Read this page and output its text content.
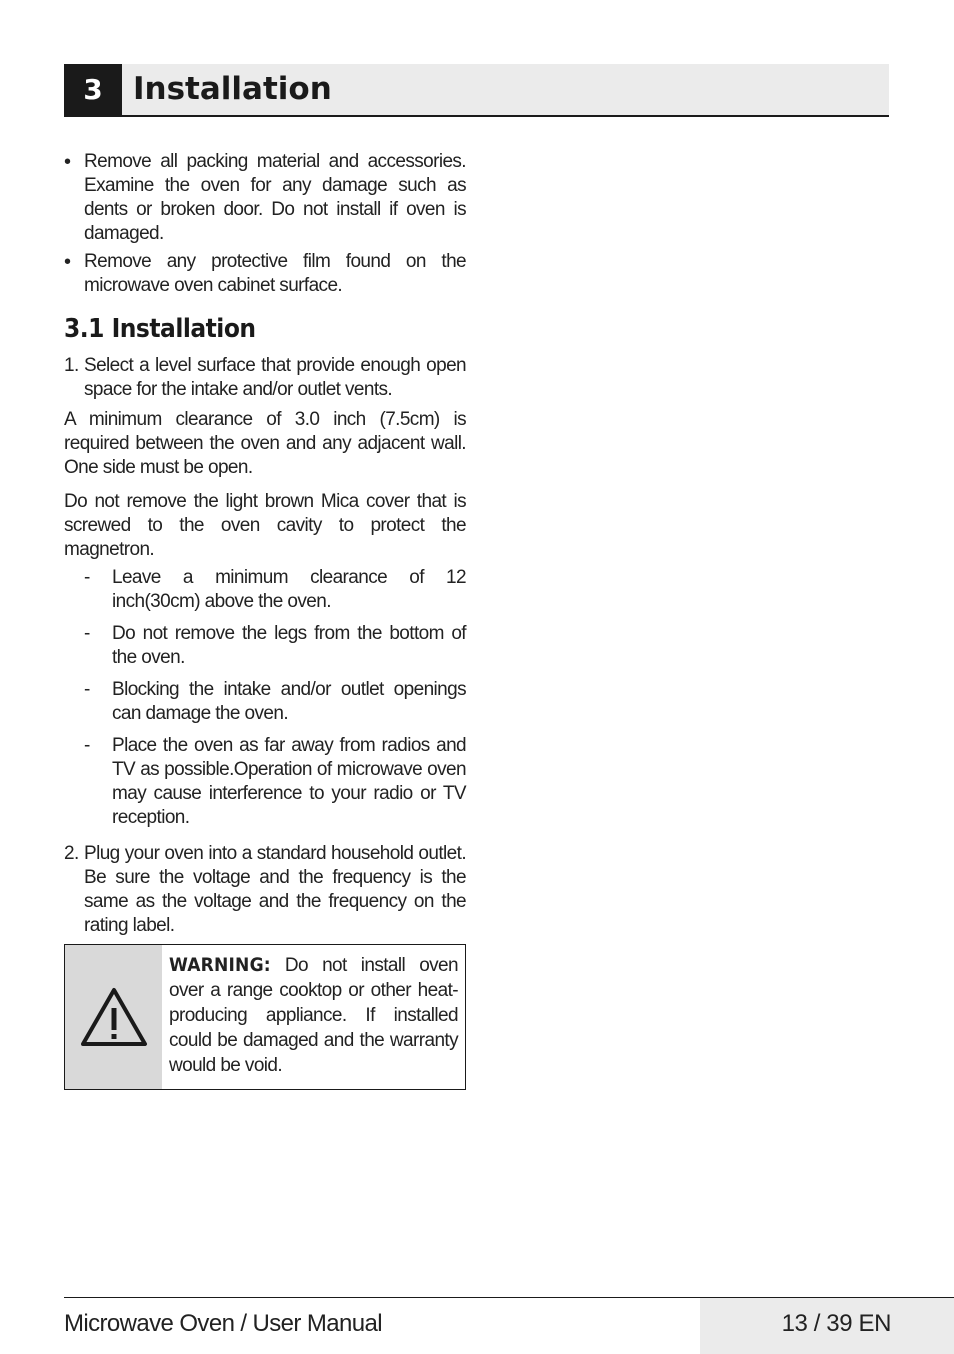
3 Installation
• Remove all packing material and accessories. Examine the oven for any damage such as dents or broken door. Do not install if oven is damaged.
• Remove any protective film found on the microwave oven cabinet surface.
3.1 Installation
1. Select a level surface that provide enough open space for the intake and/or outlet vents.

A minimum clearance of 3.0 inch (7.5cm) is required between the oven and any adjacent wall. One side must be open.

Do not remove the light brown Mica cover that is screwed to the oven cavity to protect the magnetron.

- Leave a minimum clearance of 12 inch(30cm) above the oven.
- Do not remove the legs from the bottom of the oven.
- Blocking the intake and/or outlet openings can damage the oven.
- Place the oven as far away from radios and TV as possible.Operation of microwave oven may cause interference to your radio or TV reception.
2. Plug your oven into a standard household outlet. Be sure the voltage and the frequency is the same as the voltage and the frequency on the rating label.
WARNING: Do not install oven over a range cooktop or other heat-producing appliance. If installed could be damaged and the warranty would be void.
Microwave Oven / User Manual	13 / 39 EN
